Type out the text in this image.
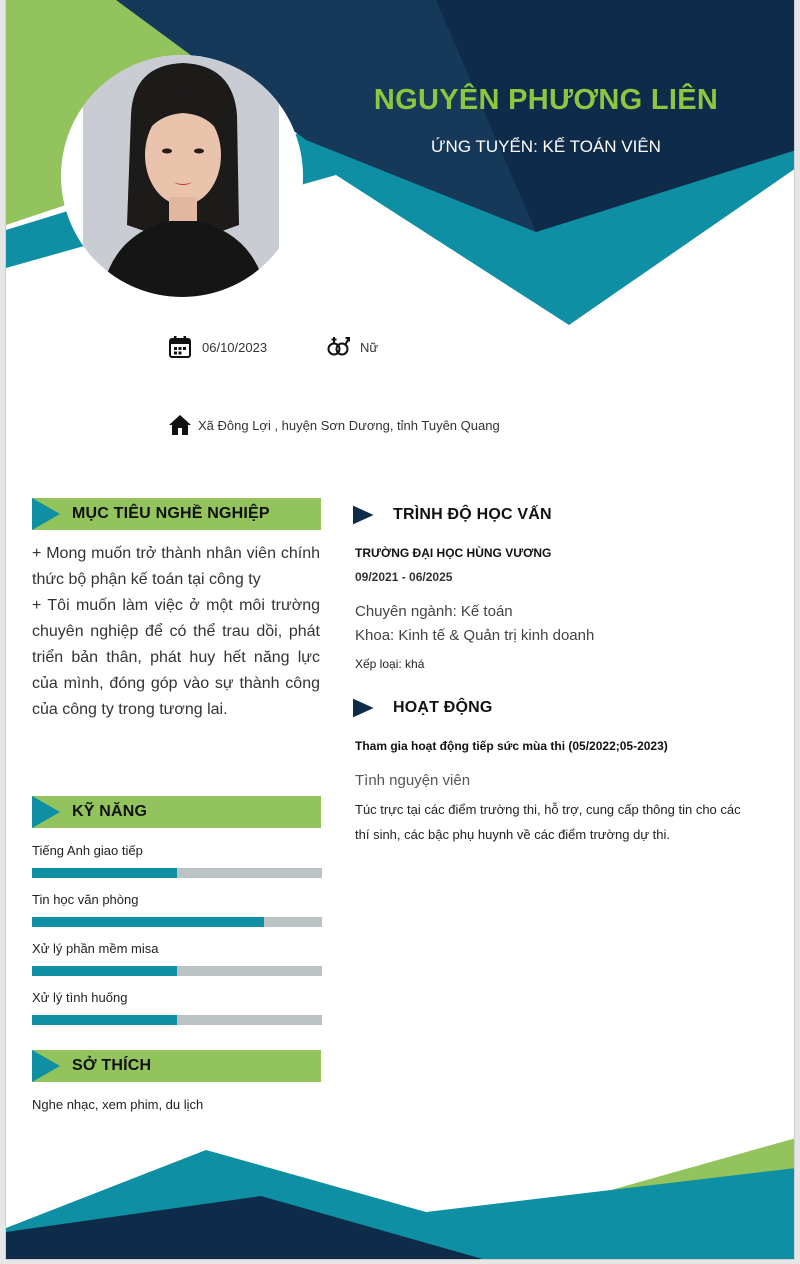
NGUYÊN PHƯƠNG LIÊN
ỨNG TUYỂN: KẾ TOÁN VIÊN
06/10/2023	Nữ
Xã Đông Lợi , huyện Sơn Dương, tỉnh Tuyên Quang
MỤC TIÊU NGHỀ NGHIỆP
+ Mong muốn trở thành nhân viên chính thức bộ phận kế toán tại công ty
+ Tôi muốn làm việc ở một môi trường chuyên nghiệp để có thể trau dồi, phát triển bản thân, phát huy hết năng lực của mình, đóng góp vào sự thành công của công ty trong tương lai.
KỸ NĂNG
Tiếng Anh giao tiếp
Tin học văn phòng
Xử lý phần mềm misa
Xử lý tình huống
SỞ THÍCH
Nghe nhạc, xem phim, du lịch
TRÌNH ĐỘ HỌC VẤN
TRƯỜNG ĐẠI HỌC HÙNG VƯƠNG
09/2021 - 06/2025
Chuyên ngành: Kế toán
Khoa: Kinh tế & Quản trị kinh doanh
Xếp loại: khá
HOẠT ĐỘNG
Tham gia hoạt động tiếp sức mùa thi (05/2022;05-2023)
Tình nguyện viên
Túc trực tại các điểm trường thi, hỗ trợ, cung cấp thông tin cho các thí sinh, các bậc phụ huynh về các điểm trường dự thi.
